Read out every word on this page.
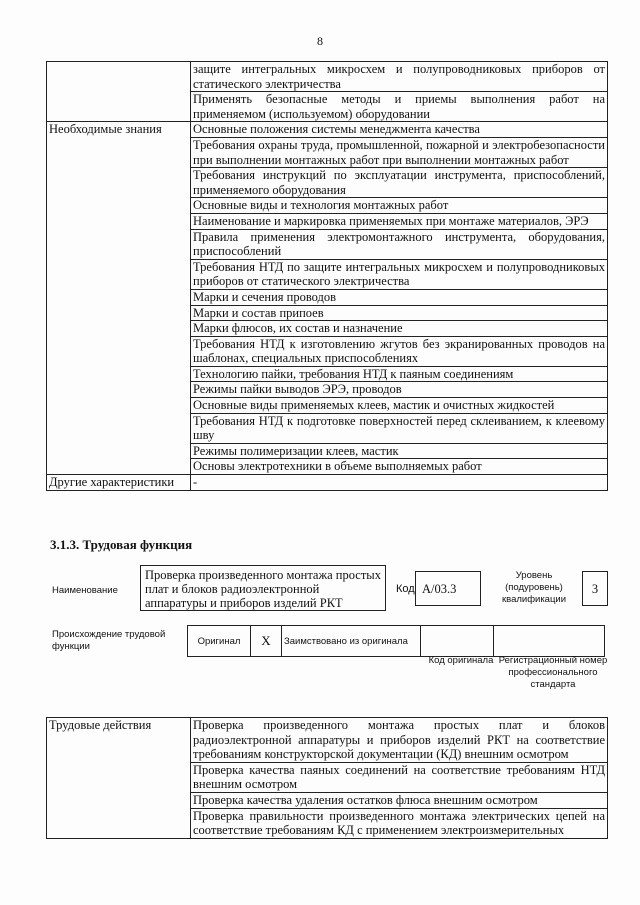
8
	защите интегральных микросхем и полупроводниковых приборов от статического электричества
	Применять безопасные методы и приемы выполнения работ на применяемом (используемом) оборудовании
Необходимые знания	Основные положения системы менеджмента качества
	Требования охраны труда, промышленной, пожарной и электробезопасности при выполнении монтажных работ при выполнении монтажных работ
	Требования инструкций по эксплуатации инструмента, приспособлений, применяемого оборудования
	Основные виды и технология монтажных работ
	Наименование и маркировка применяемых при монтаже материалов, ЭРЭ
	Правила применения электромонтажного инструмента, оборудования, приспособлений
	Требования НТД по защите интегральных микросхем и полупроводниковых приборов от статического электричества
	Марки и сечения проводов
	Марки и состав припоев
	Марки флюсов, их состав и назначение
	Требования НТД к изготовлению жгутов без экранированных проводов на шаблонах, специальных приспособлениях
	Технологию пайки, требования НТД к паяным соединениям
	Режимы пайки выводов ЭРЭ, проводов
	Основные виды применяемых клеев, мастик и очистных жидкостей
	Требования НТД к подготовке поверхностей перед склеиванием, к клеевому шву
	Режимы полимеризации клеев, мастик
	Основы электротехники в объеме выполняемых работ
Другие характеристики	-
3.1.3. Трудовая функция
Наименование
Проверка произведенного монтажа простых плат и блоков радиоэлектронной аппаратуры и приборов изделий РКТ
Код А/03.3
Уровень (подуровень) квалификации
3
Происхождение трудовой функции	Оригинал	X	Заимствовано из оригинала		
Код оригинала Регистрационный номер профессионального стандарта
Трудовые действия	Проверка произведенного монтажа простых плат и блоков радиоэлектронной аппаратуры и приборов изделий РКТ на соответствие требованиям конструкторской документации (КД) внешним осмотром
Проверка качества паяных соединений на соответствие требованиям НТД внешним осмотром
Проверка качества удаления остатков флюса внешним осмотром
Проверка правильности произведенного монтажа электрических цепей на соответствие требованиям КД с применением электроизмерительных
